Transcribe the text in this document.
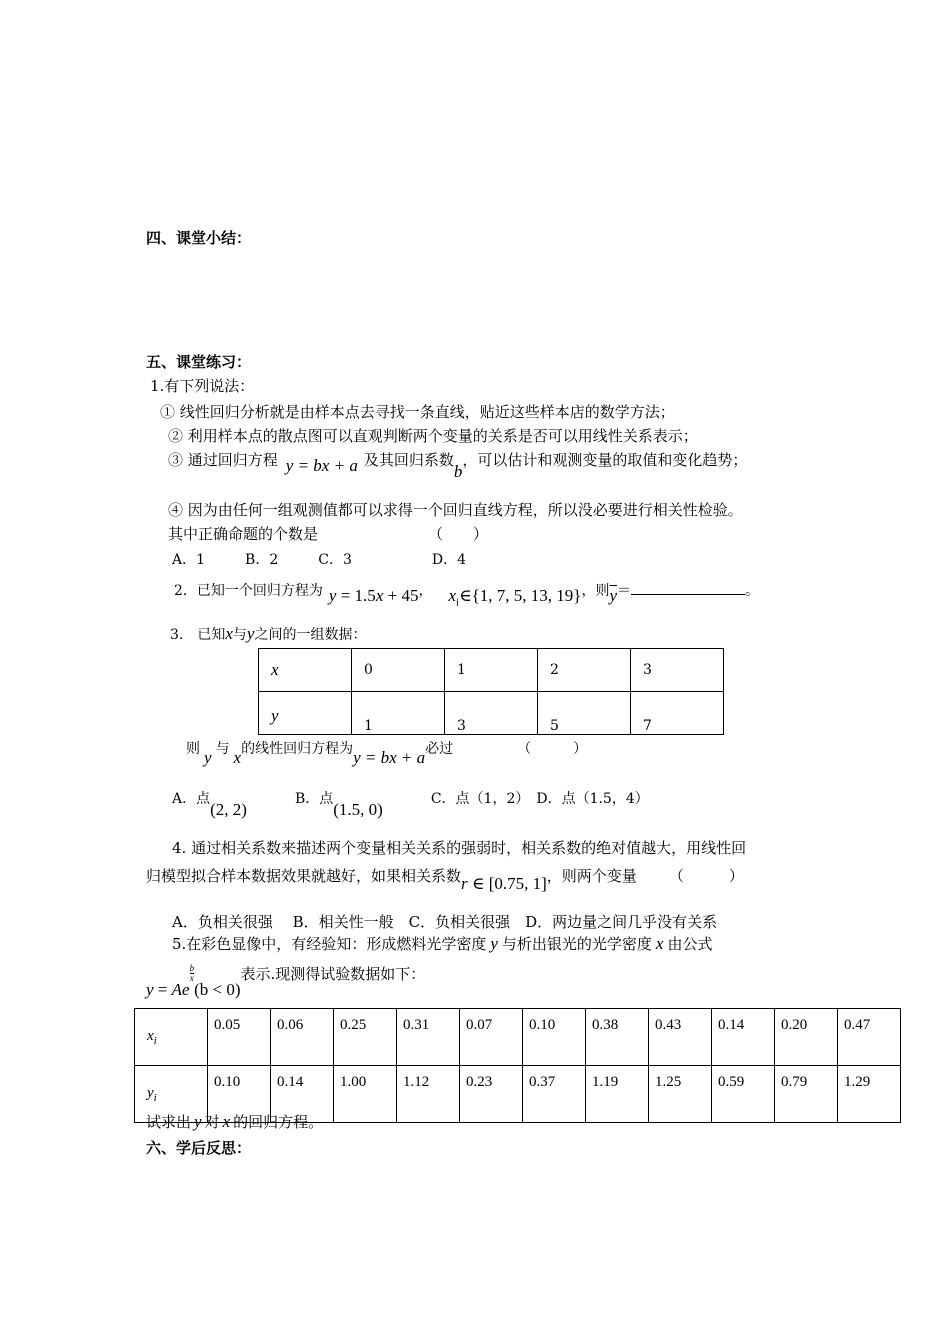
四、课堂小结：
五、课堂练习：
1.有下列说法：
① 线性回归分析就是由样本点去寻找一条直线，贴近这些样本店的数学方法；
② 利用样本点的散点图可以直观判断两个变量的关系是否可以用线性关系表示；
③ 通过回归方程 y = bx + a 及其回归系数b，可以估计和观测变量的取值和变化趋势；
④ 因为由任何一组观测值都可以求得一个回归直线方程，所以没必要进行相关性检验。
其中正确命题的个数是	（　　）
A．1	B．2	C．3	D．4
2．已知一个回归方程为 y = 1.5x + 45， $x_i\in\{1$, 7, 5, 13, 19}，则$\overline{y}=$	。
3.　已知x与y之间的一组数据：
x	0	1	2	3
y	1	3	5	7
则 y 与 x的线性回归方程为y = bx + a必过	（　　　）
A．点(2, 2)B．点(1.5, 0)C．点（1，2）　D．点（1.5，4）
4. 通过相关系数来描述两个变量相关关系的强弱时，相关系数的绝对值越大，用线性回
归模型拟合样本数据效果就越好，如果相关系数r ∈ [0.75, 1]，则两个变量 （　　　）
A．负相关很强　 B．相关性一般　C．负相关很强　D．两边量之间几乎没有关系
5.在彩色显像中，有经验知：形成燃料光学密度 y 与析出银光的光学密度 x 由公式
y = Ae
$\frac{b}{x}$
(b < 0)表示.现测得试验数据如下：
$x_i$	0.05	0.06	0.25	0.31	0.07	0.10	0.38	0.43	0.14	0.20	0.47
$y_i$	0.10	0.14	1.00	1.12	0.23	0.37	1.19	1.25	0.59	0.79	1.29
试求出 y 对 x 的回归方程。
六、学后反思：
